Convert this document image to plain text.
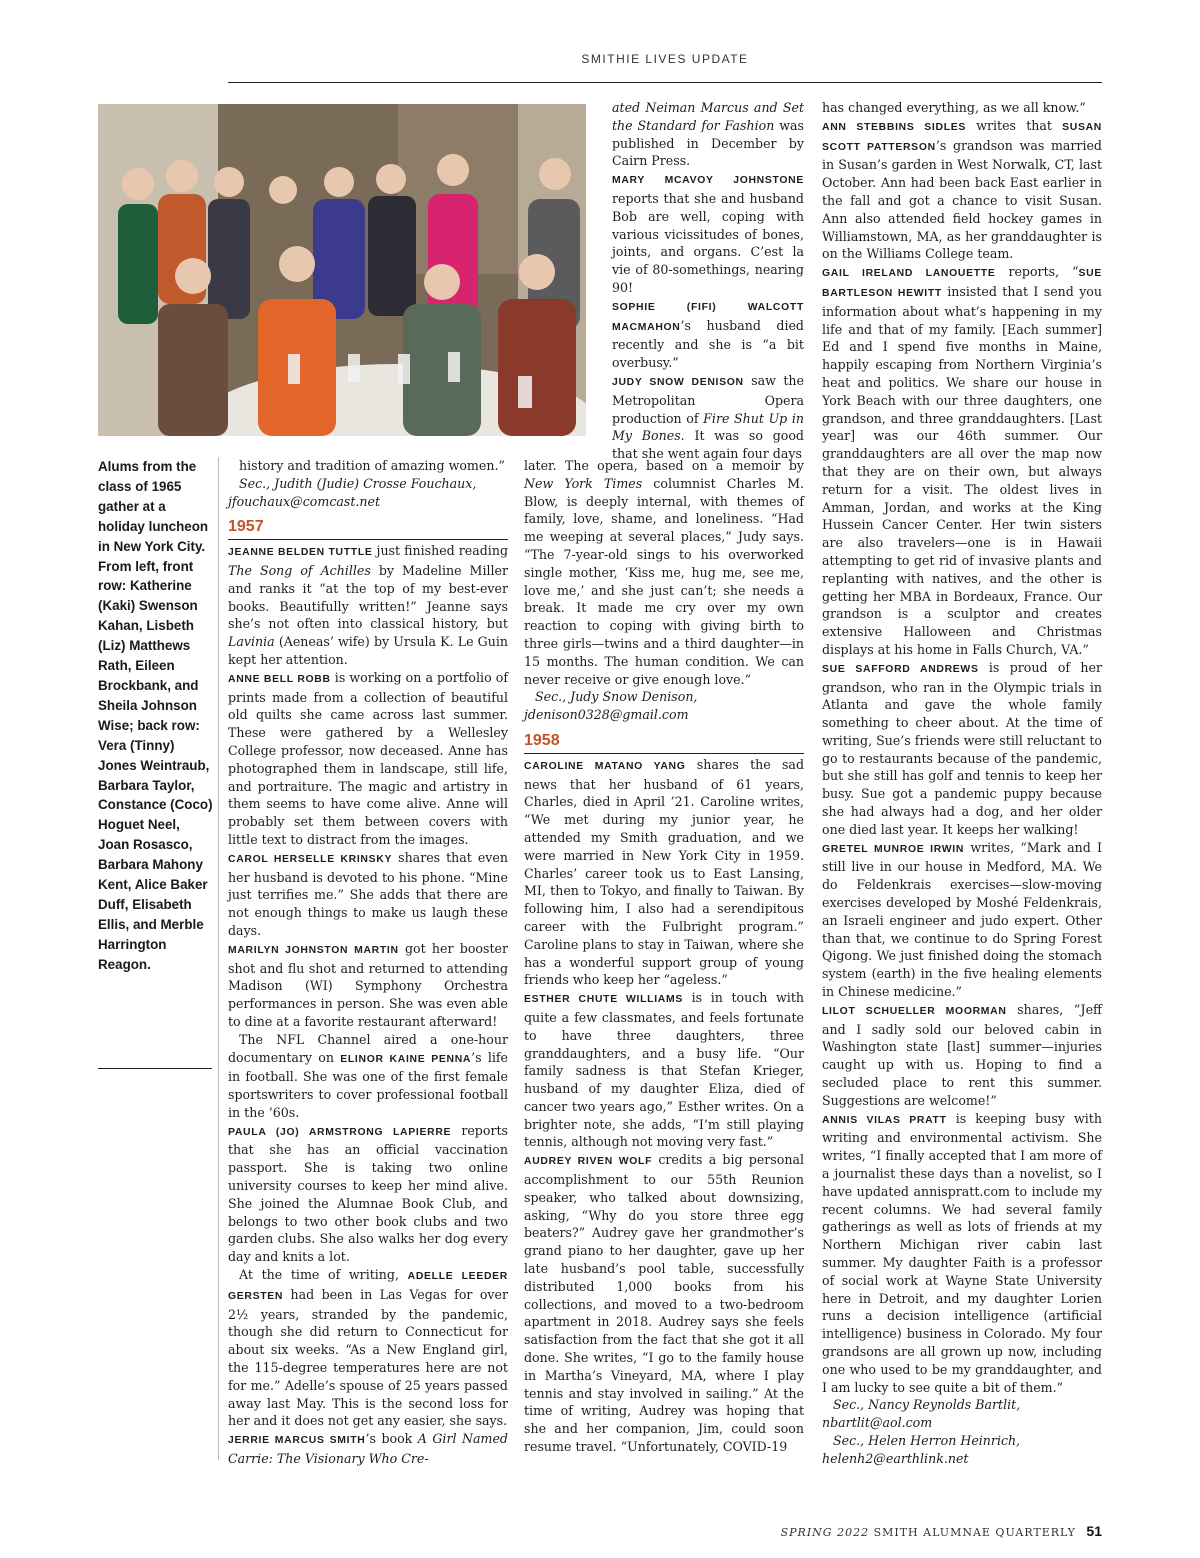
SMITHIE LIVES UPDATE
Alums from the class of 1965 gather at a holiday luncheon in New York City. From left, front row: Katherine (Kaki) Swenson Kahan, Lisbeth (Liz) Matthews Rath, Eileen Brockbank, and Sheila Johnson Wise; back row: Vera (Tinny) Jones Weintraub, Barbara Taylor, Constance (Coco) Hoguet Neel, Joan Rosasco, Barbara Mahony Kent, Alice Baker Duff, Elisabeth Ellis, and Merble Harrington Reagon.

history and tradition of amazing women.”

Sec., Judith (Judie) Crosse Fouchaux,

jfouchaux@comcast.net

1957

JEANNE BELDEN TUTTLE just finished reading The Song of Achilles by Madeline Miller and ranks it “at the top of my best-ever books. Beautifully written!” Jeanne says she’s not often into classical history, but Lavinia (Aeneas’ wife) by Ursula K. Le Guin kept her attention.

ANNE BELL ROBB is working on a portfolio of prints made from a collection of beautiful old quilts she came across last summer. These were gathered by a Wellesley College professor, now deceased. Anne has photographed them in landscape, still life, and portraiture. The magic and artistry in them seems to have come alive. Anne will probably set them between covers with little text to distract from the images.

CAROL HERSELLE KRINSKY shares that even her husband is devoted to his phone. “Mine just terrifies me.” She adds that there are not enough things to make us laugh these days.

MARILYN JOHNSTON MARTIN got her booster shot and flu shot and returned to attending Madison (WI) Symphony Orchestra performances in person. She was even able to dine at a favorite restaurant afterward!

The NFL Channel aired a one-hour documentary on ELINOR KAINE PENNA’s life in football. She was one of the first female sportswriters to cover professional football in the ’60s.

PAULA (JO) ARMSTRONG LAPIERRE reports that she has an official vaccination passport. She is taking two online university courses to keep her mind alive. She joined the Alumnae Book Club, and belongs to two other book clubs and two garden clubs. She also walks her dog every day and knits a lot.

At the time of writing, ADELLE LEEDER GERSTEN had been in Las Vegas for over 2½ years, stranded by the pandemic, though she did return to Connecticut for about six weeks. “As a New England girl, the 115-degree temperatures here are not for me.” Adelle’s spouse of 25 years passed away last May. This is the second loss for her and it does not get any easier, she says.

JERRIE MARCUS SMITH’s book A Girl Named Carrie: The Visionary Who Cre-

ated Neiman Marcus and Set the Standard for Fashion was published in December by Cairn Press.

MARY MCAVOY JOHNSTONE reports that she and husband Bob are well, coping with various vicissitudes of bones, joints, and organs. C’est la vie of 80-somethings, nearing 90!

SOPHIE (FIFI) WALCOTT MACMAHON’s husband died recently and she is “a bit overbusy.”

JUDY SNOW DENISON saw the Metropolitan Opera production of Fire Shut Up in My Bones. It was so good that she went again four days

later. The opera, based on a memoir by New York Times columnist Charles M. Blow, is deeply internal, with themes of family, love, shame, and loneliness. “Had me weeping at several places,” Judy says. “The 7-year-old sings to his overworked single mother, ‘Kiss me, hug me, see me, love me,’ and she just can’t; she needs a break. It made me cry over my own reaction to coping with giving birth to three girls—twins and a third daughter—in 15 months. The human condition. We can never receive or give enough love.”

Sec., Judy Snow Denison,

jdenison0328@gmail.com

1958

CAROLINE MATANO YANG shares the sad news that her husband of 61 years, Charles, died in April ’21. Caroline writes, “We met during my junior year, he attended my Smith graduation, and we were married in New York City in 1959. Charles’ career took us to East Lansing, MI, then to Tokyo, and finally to Taiwan. By following him, I also had a serendipitous career with the Fulbright program.” Caroline plans to stay in Taiwan, where she has a wonderful support group of young friends who keep her “ageless.”

ESTHER CHUTE WILLIAMS is in touch with quite a few classmates, and feels fortunate to have three daughters, three granddaughters, and a busy life. “Our family sadness is that Stefan Krieger, husband of my daughter Eliza, died of cancer two years ago,” Esther writes. On a brighter note, she adds, “I’m still playing tennis, although not moving very fast.”

AUDREY RIVEN WOLF credits a big personal accomplishment to our 55th Reunion speaker, who talked about downsizing, asking, “Why do you store three egg beaters?” Audrey gave her grandmother’s grand piano to her daughter, gave up her late husband’s pool table, successfully distributed 1,000 books from his collections, and moved to a two-bedroom apartment in 2018. Audrey says she feels satisfaction from the fact that she got it all done. She writes, “I go to the family house in Martha’s Vineyard, MA, where I play tennis and stay involved in sailing.” At the time of writing, Audrey was hoping that she and her companion, Jim, could soon resume travel. “Unfortunately, COVID-19

has changed everything, as we all know.”

ANN STEBBINS SIDLES writes that SUSAN SCOTT PATTERSON’s grandson was married in Susan’s garden in West Norwalk, CT, last October. Ann had been back East earlier in the fall and got a chance to visit Susan. Ann also attended field hockey games in Williamstown, MA, as her granddaughter is on the Williams College team.

GAIL IRELAND LANOUETTE reports, “SUE BARTLESON HEWITT insisted that I send you information about what’s happening in my life and that of my family. [Each summer] Ed and I spend five months in Maine, happily escaping from Northern Virginia’s heat and politics. We share our house in York Beach with our three daughters, one grandson, and three granddaughters. [Last year] was our 46th summer. Our granddaughters are all over the map now that they are on their own, but always return for a visit. The oldest lives in Amman, Jordan, and works at the King Hussein Cancer Center. Her twin sisters are also travelers—one is in Hawaii attempting to get rid of invasive plants and replanting with natives, and the other is getting her MBA in Bordeaux, France. Our grandson is a sculptor and creates extensive Halloween and Christmas displays at his home in Falls Church, VA.”

SUE SAFFORD ANDREWS is proud of her grandson, who ran in the Olympic trials in Atlanta and gave the whole family something to cheer about. At the time of writing, Sue’s friends were still reluctant to go to restaurants because of the pandemic, but she still has golf and tennis to keep her busy. Sue got a pandemic puppy because she had always had a dog, and her older one died last year. It keeps her walking!

GRETEL MUNROE IRWIN writes, “Mark and I still live in our house in Medford, MA. We do Feldenkrais exercises—slow-moving exercises developed by Moshé Feldenkrais, an Israeli engineer and judo expert. Other than that, we continue to do Spring Forest Qigong. We just finished doing the stomach system (earth) in the five healing elements in Chinese medicine.”

LILOT SCHUELLER MOORMAN shares, “Jeff and I sadly sold our beloved cabin in Washington state [last] summer—injuries caught up with us. Hoping to find a secluded place to rent this summer. Suggestions are welcome!”

ANNIS VILAS PRATT is keeping busy with writing and environmental activism. She writes, “I finally accepted that I am more of a journalist these days than a novelist, so I have updated annispratt.com to include my recent columns. We had several family gatherings as well as lots of friends at my Northern Michigan river cabin last summer. My daughter Faith is a professor of social work at Wayne State University here in Detroit, and my daughter Lorien runs a decision intelligence (artificial intelligence) business in Colorado. My four grandsons are all grown up now, including one who used to be my granddaughter, and I am lucky to see quite a bit of them.”

Sec., Nancy Reynolds Bartlit,

nbartlit@aol.com

Sec., Helen Herron Heinrich,

helenh2@earthlink.net

SPRING 2022 SMITH ALUMNAE QUARTERLY 51
